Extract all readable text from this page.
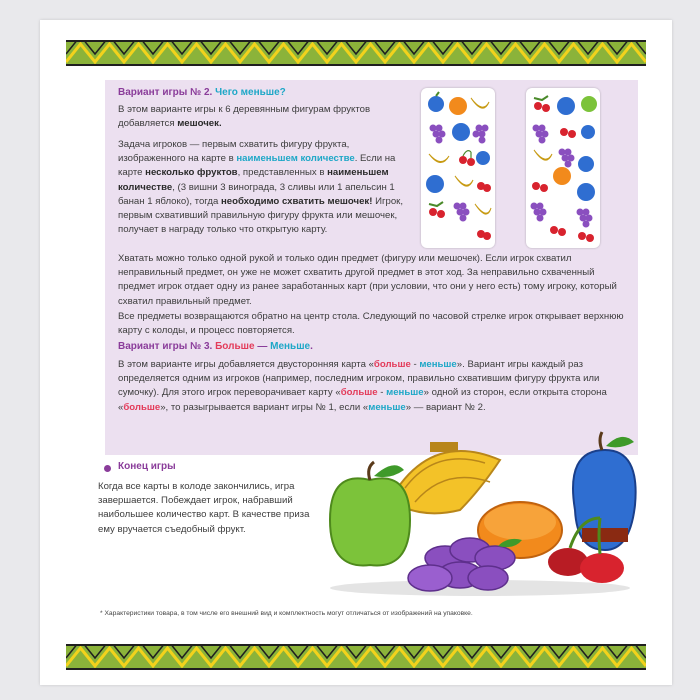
Вариант игры № 2. Чего меньше?

В этом варианте игры к 6 деревянным фигурам фруктов добавляется мешочек.

Задача игроков — первым схватить фигуру фрукта, изображенного на карте в наименьшем количестве. Если на карте несколько фруктов, представленных в наименьшем количестве, (3 вишни 3 винограда, 3 сливы или 1 апельсин 1 банан 1 яблоко), тогда необходимо схватить мешочек! Игрок, первым схвативший правильную фигуру фрукта или мешочек, получает в награду только что открытую карту.

Хватать можно только одной рукой и только один предмет (фигуру или мешочек). Если игрок схватил неправильный предмет, он уже не может схватить другой предмет в этот ход. За неправильно схваченный предмет игрок отдает одну из ранее заработанных карт (при условии, что они у него есть) тому игроку, который схватил правильный предмет.

Все предметы возвращаются обратно на центр стола. Следующий по часовой стрелке игрок открывает верхнюю карту с колоды, и процесс повторяется.

Вариант игры № 3. Больше — Меньше.

В этом варианте игры добавляется двусторонняя карта «больше - меньше». Вариант игры каждый раз определяется одним из игроков (например, последним игроком, правильно схватившим фигуру фрукта или сумочку). Для этого игрок переворачивает карту «больше - меньше» одной из сторон, если открыта сторона «больше», то разыгрывается вариант игры № 1, если «меньше» — вариант № 2.

Конец игры

Когда все карты в колоде закончились, игра завершается. Побеждает игрок, набравший наибольшее количество карт. В качестве приза ему вручается съедобный фрукт.

* Характеристики товара, в том числе его внешний вид и комплектность могут отличаться от изображений на упаковке.
